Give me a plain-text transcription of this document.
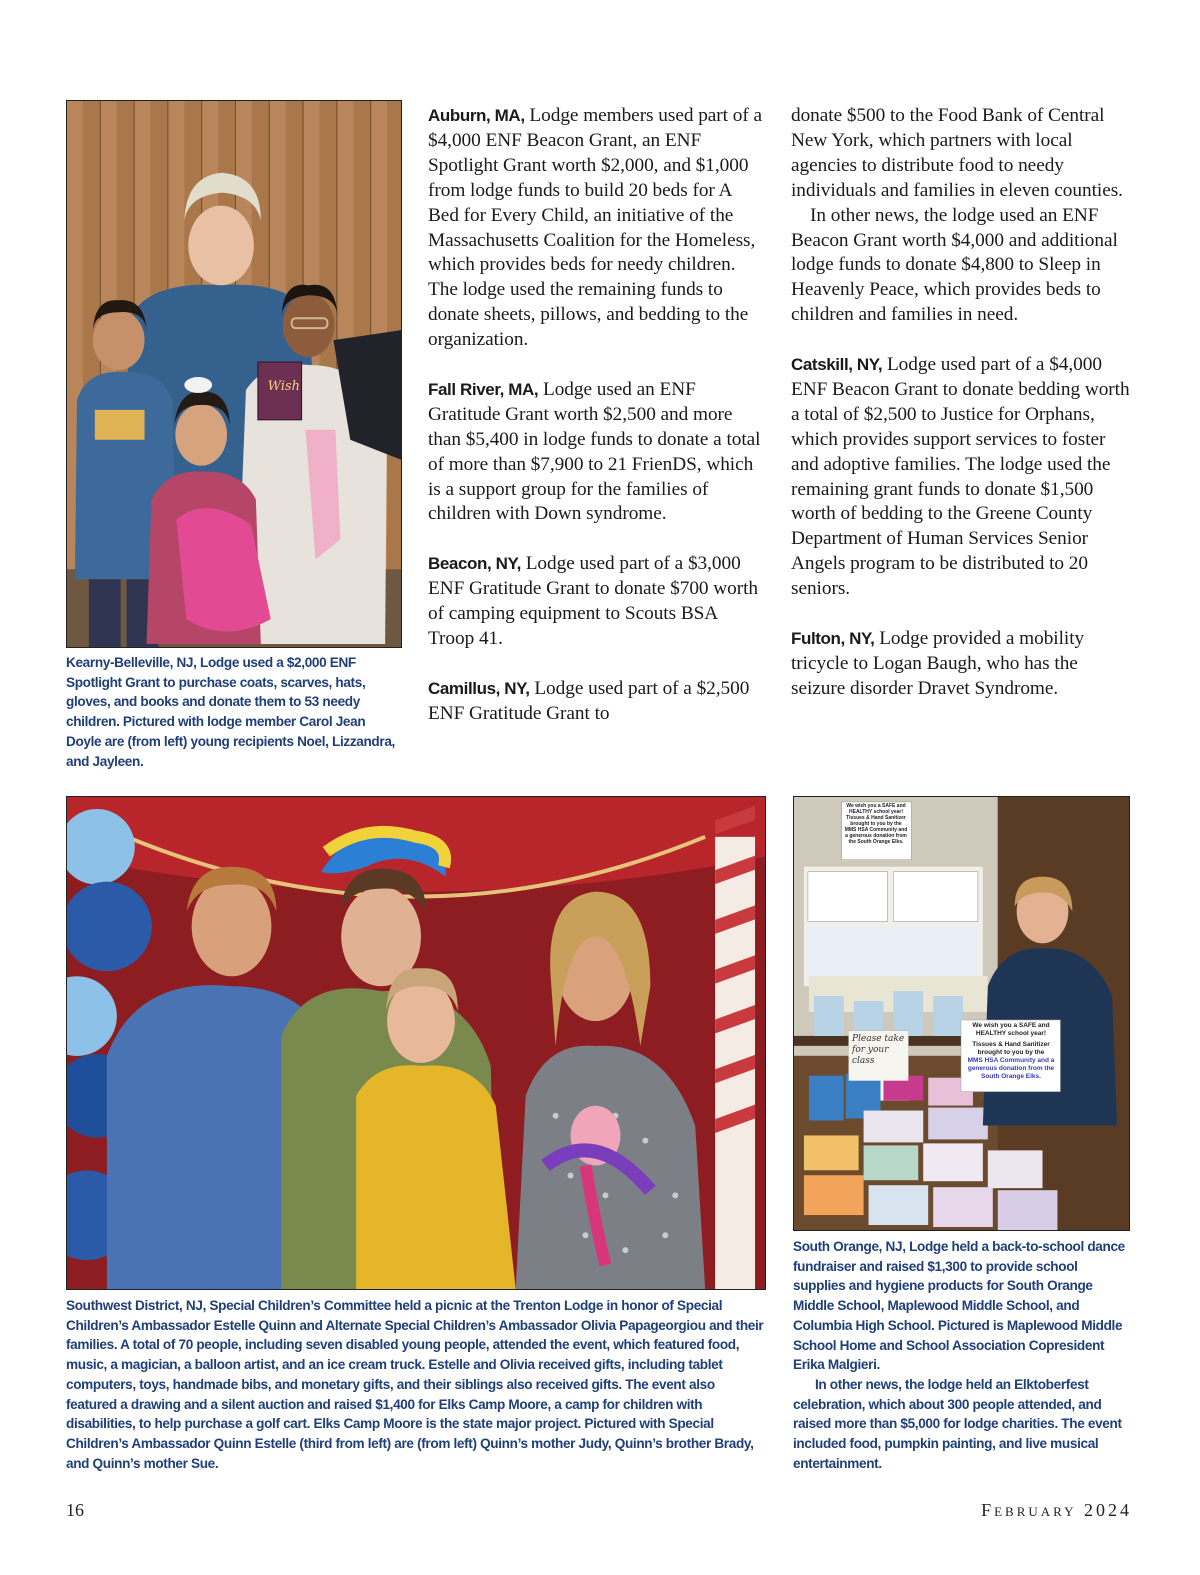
Wish

Kearny-Belleville, NJ, Lodge used a $2,000 ENF Spotlight Grant to purchase coats, scarves, hats, gloves, and books and donate them to 53 needy children. Pictured with lodge member Carol Jean Doyle are (from left) young recipients Noel, Lizzandra, and Jayleen.

Auburn, MA, Lodge members used part of a $4,000 ENF Beacon Grant, an ENF Spotlight Grant worth $2,000, and $1,000 from lodge funds to build 20 beds for A Bed for Every Child, an initiative of the Massachusetts Coalition for the Homeless, which provides beds for needy children. The lodge used the remaining funds to donate sheets, pillows, and bedding to the organization.

Fall River, MA, Lodge used an ENF Gratitude Grant worth $2,500 and more than $5,400 in lodge funds to donate a total of more than $7,900 to 21 FrienDS, which is a support group for the families of children with Down syndrome.

Beacon, NY, Lodge used part of a $3,000 ENF Gratitude Grant to donate $700 worth of camping equipment to Scouts BSA Troop 41.

Camillus, NY, Lodge used part of a $2,500 ENF Gratitude Grant to

donate $500 to the Food Bank of Central New York, which partners with local agencies to distribute food to needy individuals and families in eleven counties.

In other news, the lodge used an ENF Beacon Grant worth $4,000 and additional lodge funds to donate $4,800 to Sleep in Heavenly Peace, which provides beds to children and families in need.

Catskill, NY, Lodge used part of a $4,000 ENF Beacon Grant to donate bedding worth a total of $2,500 to Justice for Orphans, which provides support services to foster and adoptive families. The lodge used the remaining grant funds to donate $1,500 worth of bedding to the Greene County Department of Human Services Senior Angels program to be distributed to 20 seniors.

Fulton, NY, Lodge provided a mobility tricycle to Logan Baugh, who has the seizure disorder Dravet Syndrome.

Southwest District, NJ, Special Children’s Committee held a picnic at the Trenton Lodge in honor of Special Children’s Ambassador Estelle Quinn and Alternate Special Children’s Ambassador Olivia Papageorgiou and their families. A total of 70 people, including seven disabled young people, attended the event, which featured food, music, a magician, a balloon artist, and an ice cream truck. Estelle and Olivia received gifts, including tablet computers, toys, handmade bibs, and monetary gifts, and their siblings also received gifts. The event also featured a drawing and a silent auction and raised $1,400 for Elks Camp Moore, a camp for children with disabilities, to help purchase a golf cart. Elks Camp Moore is the state major project. Pictured with Special Children’s Ambassador Quinn Estelle (third from left) are (from left) Quinn’s mother Judy, Quinn’s brother Brady, and Quinn’s mother Sue.

South Orange, NJ, Lodge held a back-to-school dance fundraiser and raised $1,300 to provide school supplies and hygiene products for South Orange Middle School, Maplewood Middle School, and Columbia High School. Pictured is Maplewood Middle School Home and School Association Copresident Erika Malgieri.

In other news, the lodge held an Elktoberfest celebration, which about 300 people attended, and raised more than $5,000 for lodge charities. The event included food, pumpkin painting, and live musical entertainment.

We wish you a SAFE and HEALTHY school year!
Tissues & Hand Sanitizer brought to you by the
MMS HSA Community and a generous donation from the South Orange Elks.
We wish you a SAFE and HEALTHY school year!
Tissues & Hand Sanitizer brought to you by the
MMS HSA Community and a generous donation from the South Orange Elks.
Please take for your class
16	February 2024
